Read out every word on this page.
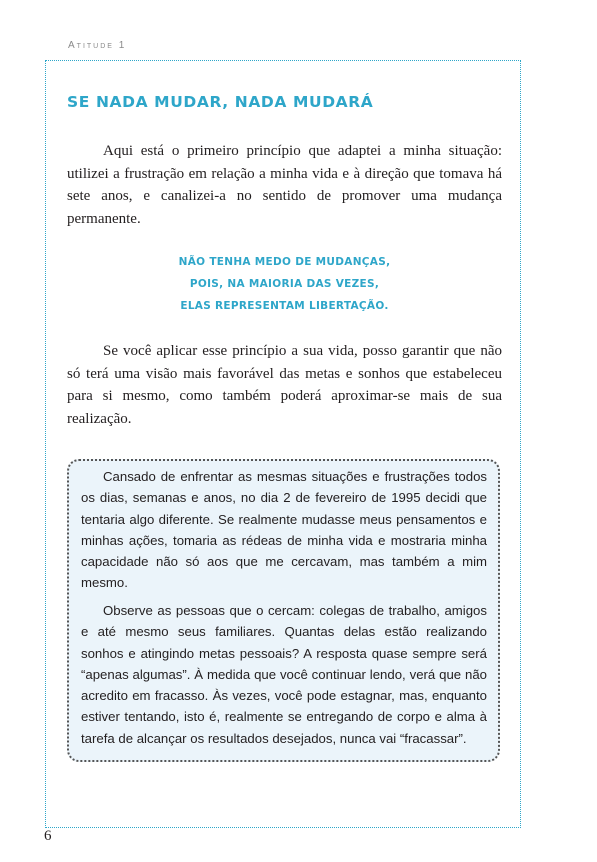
Atitude 1
SE NADA MUDAR, NADA MUDARÁ

Aqui está o primeiro princípio que adaptei a minha situação: utilizei a frustração em relação a minha vida e à direção que tomava há sete anos, e canalizei-a no sentido de promover uma mudança permanente.

NÃO TENHA MEDO DE MUDANÇAS,
POIS, NA MAIORIA DAS VEZES,
ELAS REPRESENTAM LIBERTAÇÃO.

Se você aplicar esse princípio a sua vida, posso garantir que não só terá uma visão mais favorável das metas e sonhos que estabeleceu para si mesmo, como também poderá aproximar-se mais de sua realização.

Cansado de enfrentar as mesmas situações e frustrações todos os dias, semanas e anos, no dia 2 de fevereiro de 1995 decidi que tentaria algo diferente. Se realmente mudasse meus pensamentos e minhas ações, tomaria as rédeas de minha vida e mostraria minha capacidade não só aos que me cercavam, mas também a mim mesmo.

Observe as pessoas que o cercam: colegas de trabalho, amigos e até mesmo seus familiares. Quantas delas estão realizando sonhos e atingindo metas pessoais? A resposta quase sempre será “apenas algumas”. À medida que você continuar lendo, verá que não acredito em fracasso. Às vezes, você pode estagnar, mas, enquanto estiver tentando, isto é, realmente se entregando de corpo e alma à tarefa de alcançar os resultados desejados, nunca vai “fracassar”.

6
